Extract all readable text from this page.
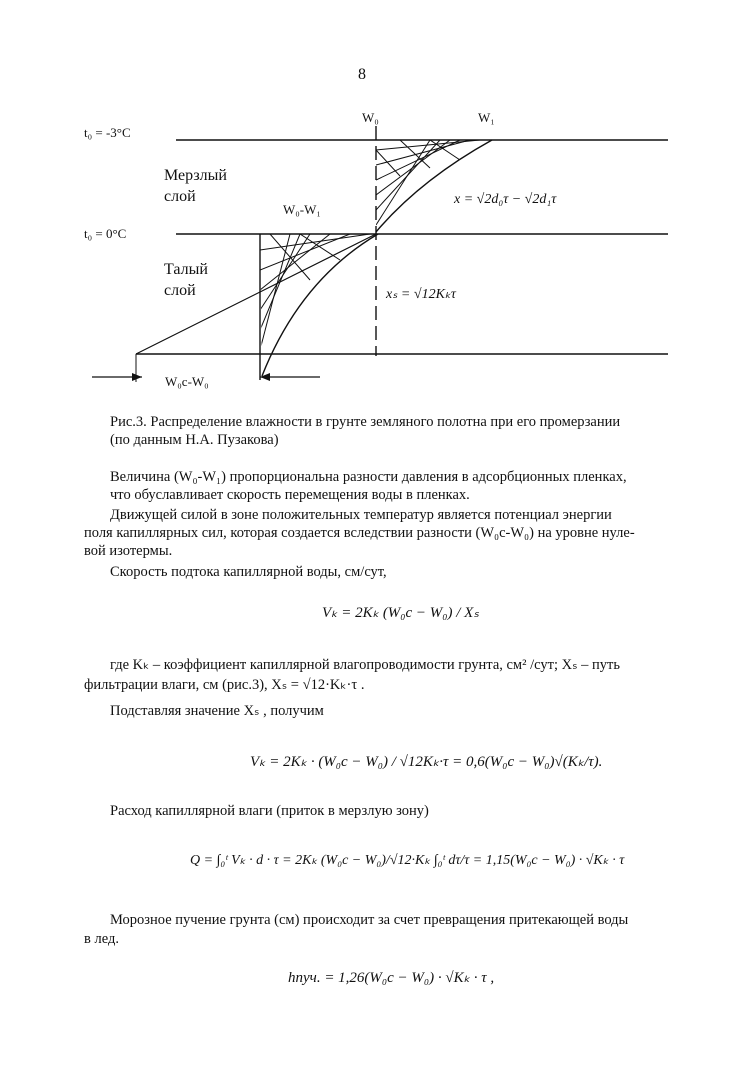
8
t₀ = -3°C
t₀ = 0°C
W₀	W₁
Мерзлый
слой
Талый
слой
W₀-W₁
W₀c-W₀
x = √2d₀τ − √2d₁τ
xₛ = √12Kₖτ
Рис.3. Распределение влажности в грунте земляного полотна при его промерзании
(по данным Н.А. Пузакова)
Величина (W₀-W₁) пропорциональна разности давления в адсорбционных пленках,
что обуславливает скорость перемещения воды в пленках.
Движущей силой в зоне положительных температур является потенциал энергии
поля капиллярных сил, которая создается вследствии разности (W₀c-W₀) на уровне нуле-
вой изотермы.
Скорость подтока капиллярной воды, см/сут,
Vₖ = 2Kₖ (W₀c − W₀) / Xₛ
где Kₖ – коэффициент капиллярной влагопроводимости грунта, см² /сут; Xₛ – путь
фильтрации влаги, см (рис.3), Xₛ = √12·Kₖ·τ .
Подставляя значение Xₛ , получим
Vₖ = 2Kₖ · (W₀c − W₀) / √12Kₖ·τ = 0,6(W₀c − W₀)√(Kₖ/τ).
Расход капиллярной влаги (приток в мерзлую зону)
Q = ∫₀ᵗ Vₖ · d · τ = 2Kₖ (W₀c − W₀)/√12·Kₖ ∫₀ᵗ dτ/τ = 1,15(W₀c − W₀) · √Kₖ · τ
Морозное пучение грунта (см) происходит за счет превращения притекающей воды
в лед.
hпуч. = 1,26(W₀c − W₀) · √Kₖ · τ ,
